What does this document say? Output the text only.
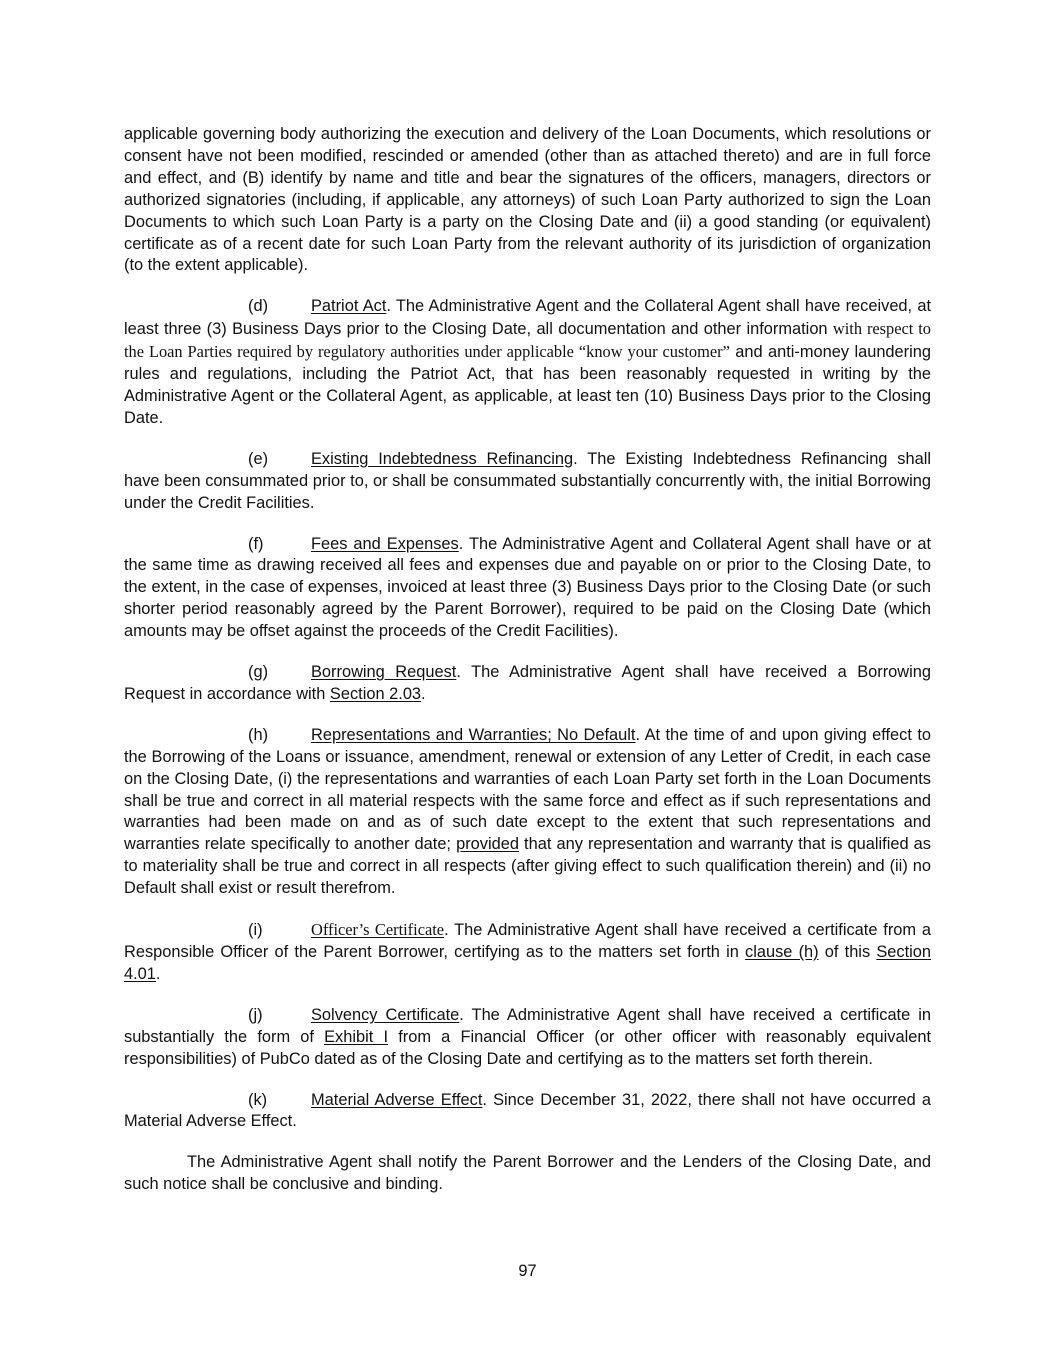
applicable governing body authorizing the execution and delivery of the Loan Documents, which resolutions or consent have not been modified, rescinded or amended (other than as attached thereto) and are in full force and effect, and (B) identify by name and title and bear the signatures of the officers, managers, directors or authorized signatories (including, if applicable, any attorneys) of such Loan Party authorized to sign the Loan Documents to which such Loan Party is a party on the Closing Date and (ii) a good standing (or equivalent) certificate as of a recent date for such Loan Party from the relevant authority of its jurisdiction of organization (to the extent applicable).

(d)	Patriot Act. The Administrative Agent and the Collateral Agent shall have received, at least three (3) Business Days prior to the Closing Date, all documentation and other information with respect to the Loan Parties required by regulatory authorities under applicable “know your customer” and anti-money laundering rules and regulations, including the Patriot Act, that has been reasonably requested in writing by the Administrative Agent or the Collateral Agent, as applicable, at least ten (10) Business Days prior to the Closing Date.

(e)	Existing Indebtedness Refinancing. The Existing Indebtedness Refinancing shall have been consummated prior to, or shall be consummated substantially concurrently with, the initial Borrowing under the Credit Facilities.

(f)	Fees and Expenses. The Administrative Agent and Collateral Agent shall have or at the same time as drawing received all fees and expenses due and payable on or prior to the Closing Date, to the extent, in the case of expenses, invoiced at least three (3) Business Days prior to the Closing Date (or such shorter period reasonably agreed by the Parent Borrower), required to be paid on the Closing Date (which amounts may be offset against the proceeds of the Credit Facilities).

(g)	Borrowing Request. The Administrative Agent shall have received a Borrowing Request in accordance with Section 2.03.

(h)	Representations and Warranties; No Default. At the time of and upon giving effect to the Borrowing of the Loans or issuance, amendment, renewal or extension of any Letter of Credit, in each case on the Closing Date, (i) the representations and warranties of each Loan Party set forth in the Loan Documents shall be true and correct in all material respects with the same force and effect as if such representations and warranties had been made on and as of such date except to the extent that such representations and warranties relate specifically to another date; provided that any representation and warranty that is qualified as to materiality shall be true and correct in all respects (after giving effect to such qualification therein) and (ii) no Default shall exist or result therefrom.

(i)	Officer’s Certificate. The Administrative Agent shall have received a certificate from a Responsible Officer of the Parent Borrower, certifying as to the matters set forth in clause (h) of this Section 4.01.

(j)	Solvency Certificate. The Administrative Agent shall have received a certificate in substantially the form of Exhibit I from a Financial Officer (or other officer with reasonably equivalent responsibilities) of PubCo dated as of the Closing Date and certifying as to the matters set forth therein.

(k)	Material Adverse Effect. Since December 31, 2022, there shall not have occurred a Material Adverse Effect.

The Administrative Agent shall notify the Parent Borrower and the Lenders of the Closing Date, and such notice shall be conclusive and binding.

97
